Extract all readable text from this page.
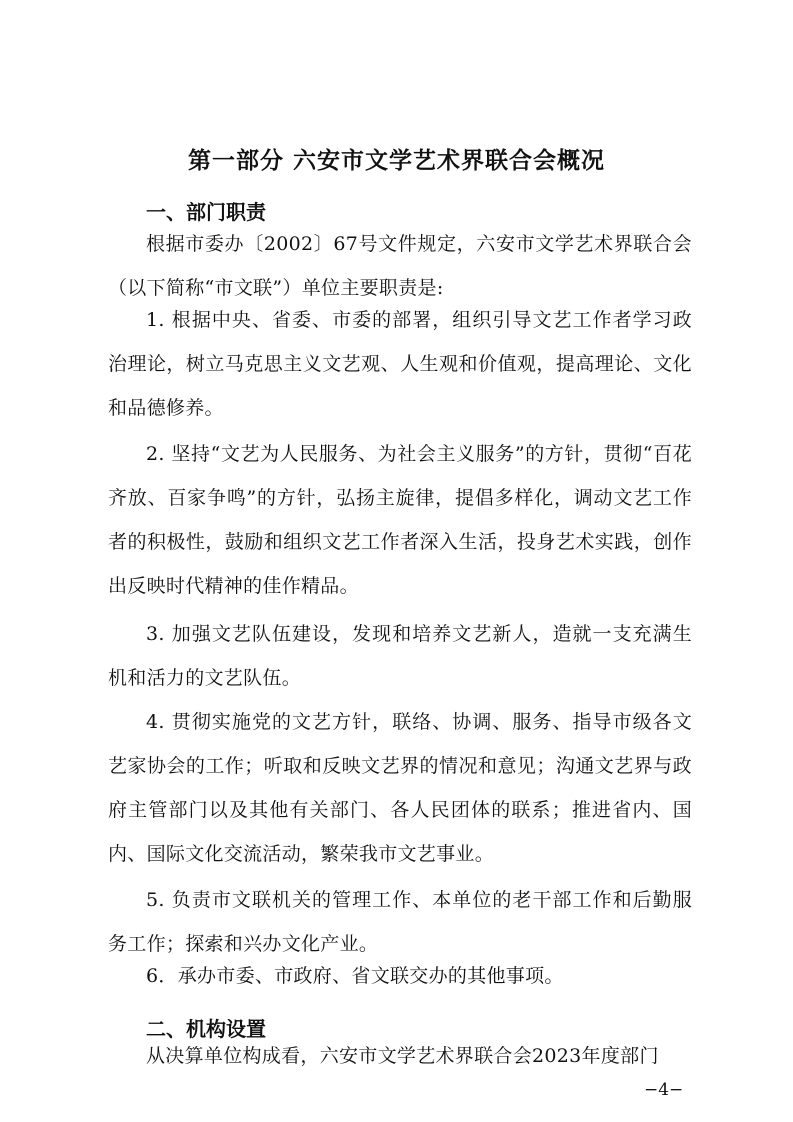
第一部分 六安市文学艺术界联合会概况
一、部门职责
根据市委办〔2002〕67号文件规定，六安市文学艺术界联合会（以下简称“市文联”）单位主要职责是:
1. 根据中央、省委、市委的部署，组织引导文艺工作者学习政治理论，树立马克思主义文艺观、人生观和价值观，提高理论、文化和品德修养。
2. 坚持“文艺为人民服务、为社会主义服务”的方针，贯彻“百花齐放、百家争鸣”的方针，弘扬主旋律，提倡多样化，调动文艺工作者的积极性，鼓励和组织文艺工作者深入生活，投身艺术实践，创作出反映时代精神的佳作精品。
3. 加强文艺队伍建设，发现和培养文艺新人，造就一支充满生机和活力的文艺队伍。
4. 贯彻实施党的文艺方针，联络、协调、服务、指导市级各文艺家协会的工作；听取和反映文艺界的情况和意见；沟通文艺界与政府主管部门以及其他有关部门、各人民团体的联系；推进省内、国内、国际文化交流活动，繁荣我市文艺事业。
5. 负责市文联机关的管理工作、本单位的老干部工作和后勤服务工作；探索和兴办文化产业。
6．承办市委、市政府、省文联交办的其他事项。
二、机构设置
从决算单位构成看，六安市文学艺术界联合会2023年度部门
−4−
